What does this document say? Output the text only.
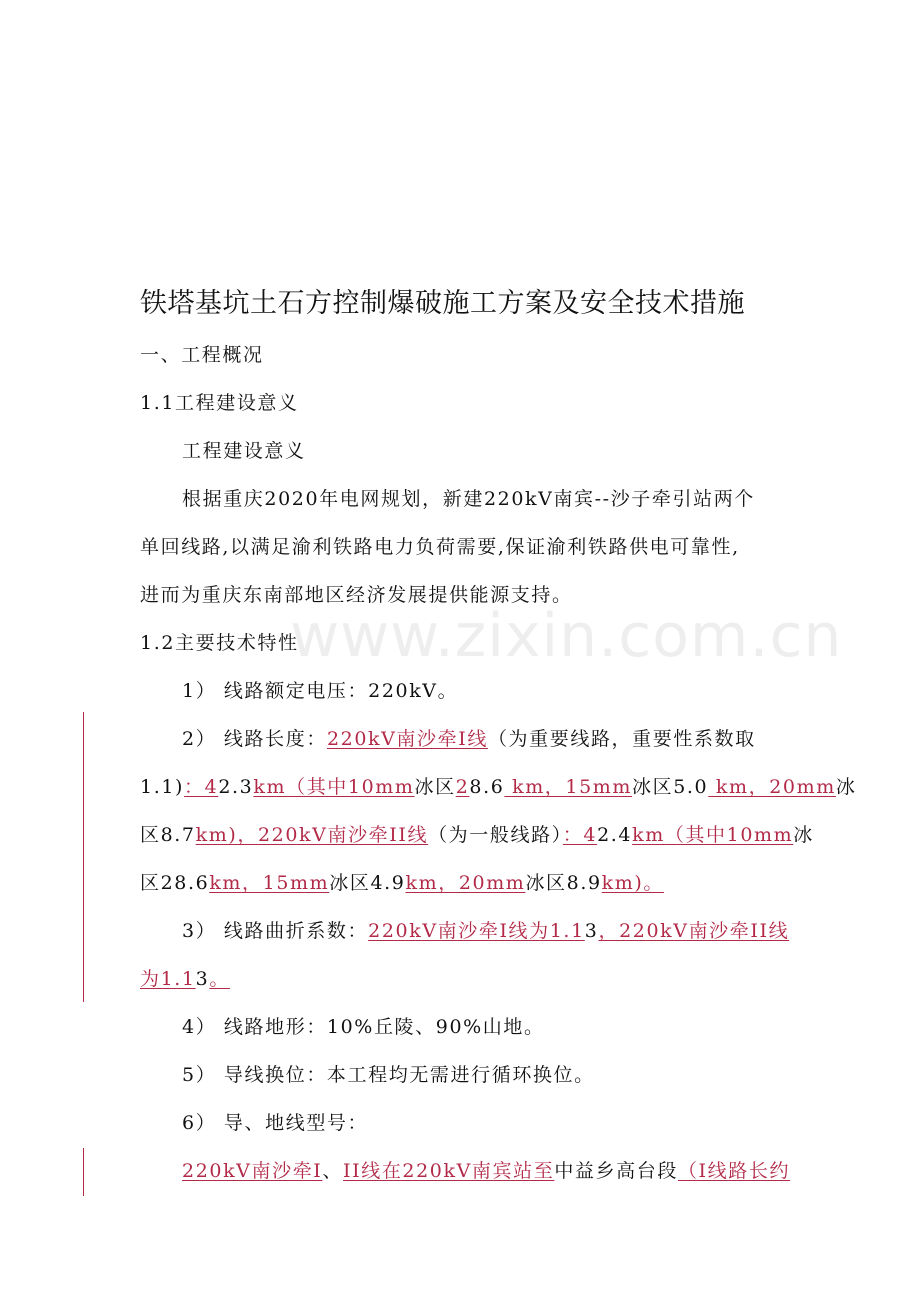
www.zixin.com.cn
铁塔基坑土石方控制爆破施工方案及安全技术措施
一、工程概况
1.1工程建设意义
工程建设意义
根据重庆2020年电网规划，新建220kV南宾--沙子牵引站两个
单回线路,以满足渝利铁路电力负荷需要,保证渝利铁路供电可靠性,
进而为重庆东南部地区经济发展提供能源支持。
1.2主要技术特性
1） 线路额定电压：220kV。
2） 线路长度：220kV南沙牵I线（为重要线路，重要性系数取
1.1)：42.3km（其中10mm冰区28.6 km，15mm冰区5.0 km，20mm冰
区8.7km)，220kV南沙牵II线（为一般线路）：42.4km（其中10mm冰
区28.6km，15mm冰区4.9km，20mm冰区8.9km)。
3） 线路曲折系数：220kV南沙牵I线为1.13，220kV南沙牵II线
为1.13。
4） 线路地形：10%丘陵、90%山地。
5） 导线换位：本工程均无需进行循环换位。
6） 导、地线型号：
220kV南沙牵I、II线在220kV南宾站至中益乡高台段（I线路长约
